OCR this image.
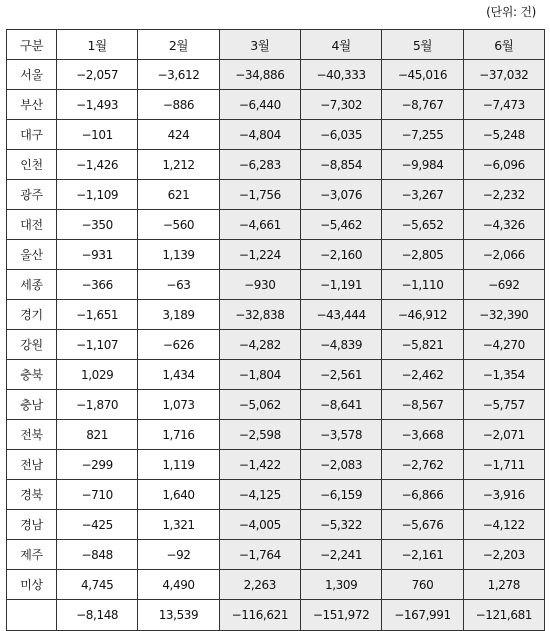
(단위: 건)
구분	1월	2월	3월	4월	5월	6월
서울	−2,057	−3,612	−34,886	−40,333	−45,016	−37,032
부산	−1,493	−886	−6,440	−7,302	−8,767	−7,473
대구	−101	424	−4,804	−6,035	−7,255	−5,248
인천	−1,426	1,212	−6,283	−8,854	−9,984	−6,096
광주	−1,109	621	−1,756	−3,076	−3,267	−2,232
대전	−350	−560	−4,661	−5,462	−5,652	−4,326
울산	−931	1,139	−1,224	−2,160	−2,805	−2,066
세종	−366	−63	−930	−1,191	−1,110	−692
경기	−1,651	3,189	−32,838	−43,444	−46,912	−32,390
강원	−1,107	−626	−4,282	−4,839	−5,821	−4,270
충북	1,029	1,434	−1,804	−2,561	−2,462	−1,354
충남	−1,870	1,073	−5,062	−8,641	−8,567	−5,757
전북	821	1,716	−2,598	−3,578	−3,668	−2,071
전남	−299	1,119	−1,422	−2,083	−2,762	−1,711
경북	−710	1,640	−4,125	−6,159	−6,866	−3,916
경남	−425	1,321	−4,005	−5,322	−5,676	−4,122
제주	−848	−92	−1,764	−2,241	−2,161	−2,203
미상	4,745	4,490	2,263	1,309	760	1,278
	−8,148	13,539	−116,621	−151,972	−167,991	−121,681
